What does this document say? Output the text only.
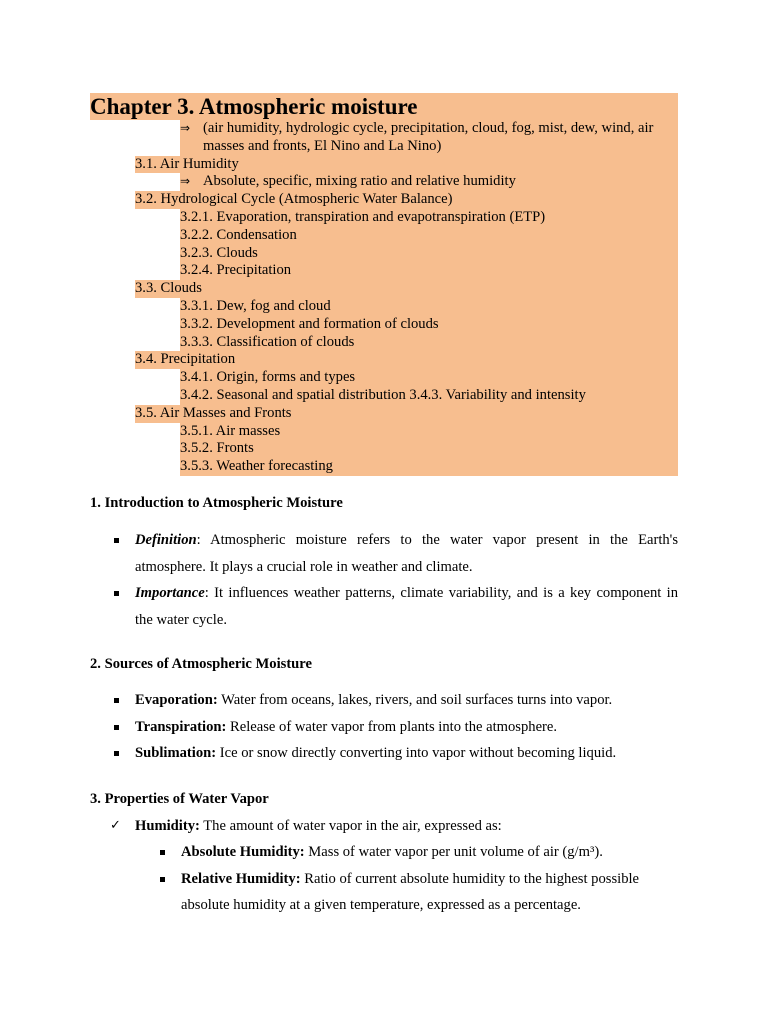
Chapter 3. Atmospheric moisture
⇒ (air humidity, hydrologic cycle, precipitation, cloud, fog, mist, dew, wind, air masses and fronts, El Nino and La Nino)
3.1. Air Humidity
⇒ Absolute, specific, mixing ratio and relative humidity
3.2. Hydrological Cycle (Atmospheric Water Balance)
3.2.1. Evaporation, transpiration and evapotranspiration (ETP)
3.2.2. Condensation
3.2.3. Clouds
3.2.4. Precipitation
3.3. Clouds
3.3.1. Dew, fog and cloud
3.3.2. Development and formation of clouds
3.3.3. Classification of clouds
3.4. Precipitation
3.4.1. Origin, forms and types
3.4.2. Seasonal and spatial distribution 3.4.3. Variability and intensity
3.5. Air Masses and Fronts
3.5.1. Air masses
3.5.2. Fronts
3.5.3. Weather forecasting
1. Introduction to Atmospheric Moisture
Definition: Atmospheric moisture refers to the water vapor present in the Earth's atmosphere. It plays a crucial role in weather and climate.
Importance: It influences weather patterns, climate variability, and is a key component in the water cycle.
2. Sources of Atmospheric Moisture
Evaporation: Water from oceans, lakes, rivers, and soil surfaces turns into vapor.
Transpiration: Release of water vapor from plants into the atmosphere.
Sublimation: Ice or snow directly converting into vapor without becoming liquid.
3. Properties of Water Vapor
✓ Humidity: The amount of water vapor in the air, expressed as:
Absolute Humidity: Mass of water vapor per unit volume of air (g/m³).
Relative Humidity: Ratio of current absolute humidity to the highest possible absolute humidity at a given temperature, expressed as a percentage.
